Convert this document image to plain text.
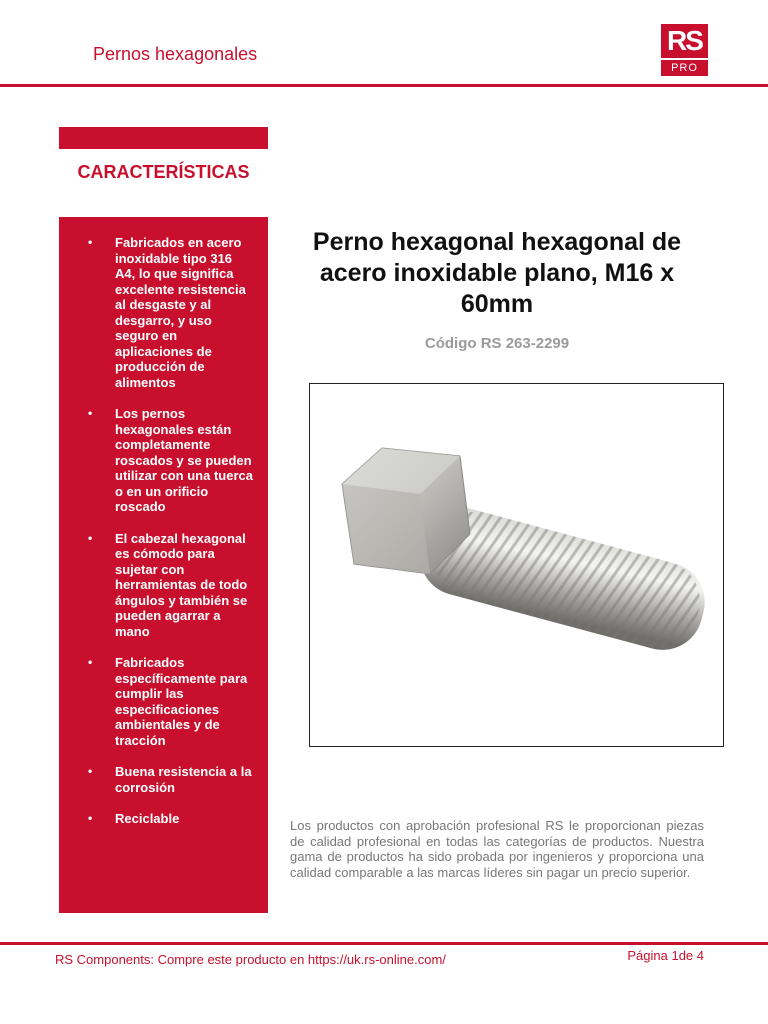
Pernos hexagonales	RS
PRO
CARACTERÍSTICAS
• Fabricados en acero inoxidable tipo 316 A4, lo que significa excelente resistencia al desgaste y al desgarro, y uso seguro en aplicaciones de producción de alimentos
• Los pernos hexagonales están completamente roscados y se pueden utilizar con una tuerca o en un orificio roscado
• El cabezal hexagonal es cómodo para sujetar con herramientas de todo ángulos y también se pueden agarrar a mano
• Fabricados específicamente para cumplir las especificaciones ambientales y de tracción
• Buena resistencia a la corrosión
• Reciclable
Perno hexagonal hexagonal de acero inoxidable plano, M16 x 60mm
Código RS 263-2299
Los productos con aprobación profesional RS le proporcionan piezas de calidad profesional en todas las categorías de productos. Nuestra gama de productos ha sido probada por ingenieros y proporciona una calidad comparable a las marcas líderes sin pagar un precio superior.
RS Components: Compre este producto en https://uk.rs-online.com/	Página 1de 4
